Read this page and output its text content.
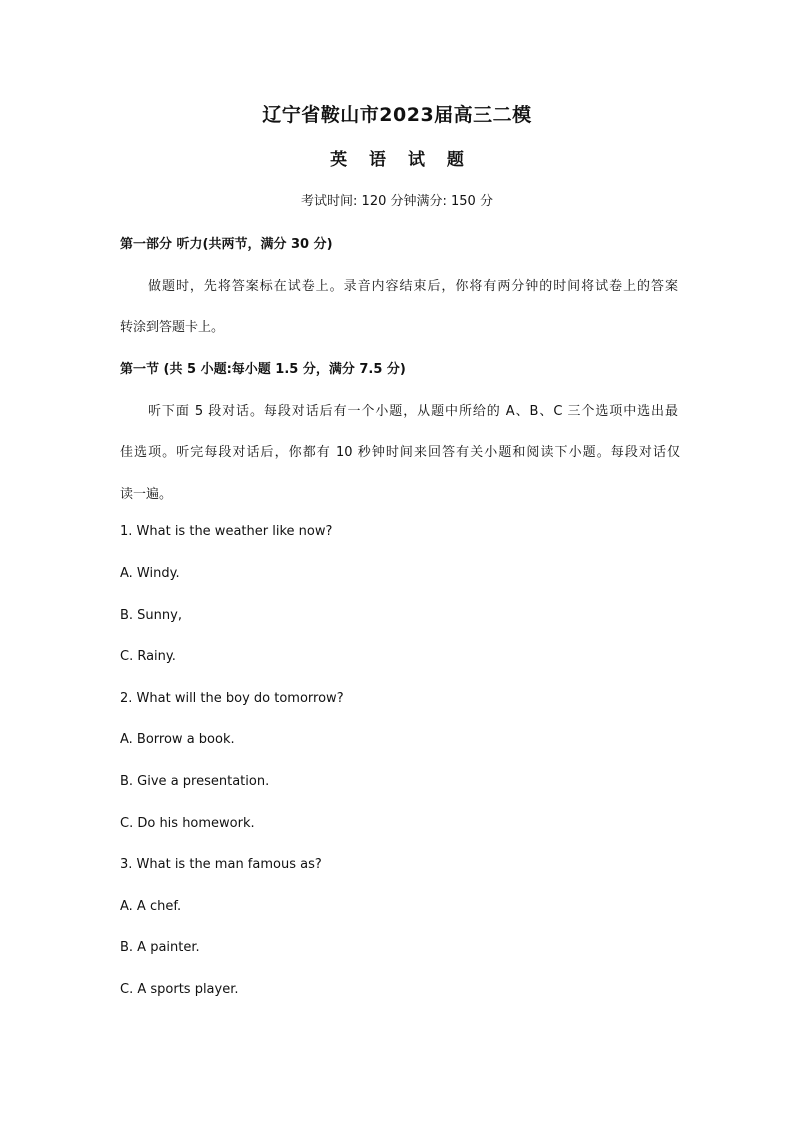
辽宁省鞍山市2023届高三二模
英 语 试 题
考试时间: 120 分钟满分: 150 分
第一部分 听力(共两节，满分 30 分)
做题时，先将答案标在试卷上。录音内容结束后，你将有两分钟的时间将试卷上的答案
转涂到答题卡上。
第一节 (共 5 小题:每小题 1.5 分，满分 7.5 分)
听下面 5 段对话。每段对话后有一个小题，从题中所给的 A、B、C 三个选项中选出最
佳选项。听完每段对话后，你都有 10 秒钟时间来回答有关小题和阅读下小题。每段对话仅
读一遍。
1. What is the weather like now?
A. Windy.
B. Sunny,
C. Rainy.
2. What will the boy do tomorrow?
A. Borrow a book.
B. Give a presentation.
C. Do his homework.
3. What is the man famous as?
A. A chef.
B. A painter.
C. A sports player.
